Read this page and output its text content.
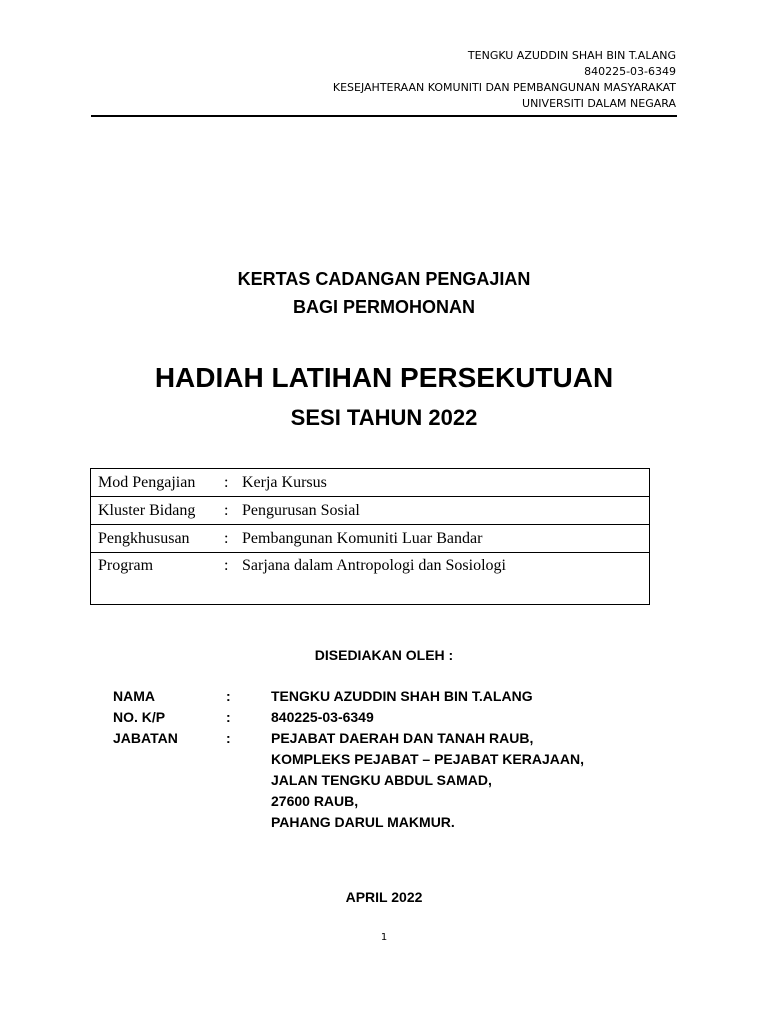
TENGKU AZUDDIN SHAH BIN T.ALANG
840225-03-6349
KESEJAHTERAAN KOMUNITI DAN PEMBANGUNAN MASYARAKAT
UNIVERSITI DALAM NEGARA
KERTAS CADANGAN PENGAJIAN
BAGI PERMOHONAN
HADIAH LATIHAN PERSEKUTUAN
SESI TAHUN 2022
Mod Pengajian	: Kerja Kursus
Kluster Bidang	: Pengurusan Sosial
Pengkhususan	: Pembangunan Komuniti Luar Bandar
Program	: Sarjana dalam Antropologi dan Sosiologi
DISEDIAKAN OLEH :
NAMA	:	TENGKU AZUDDIN SHAH BIN T.ALANG
NO. K/P	:	840225-03-6349
JABATAN	:	PEJABAT DAERAH DAN TANAH RAUB,
KOMPLEKS PEJABAT – PEJABAT KERAJAAN,
JALAN TENGKU ABDUL SAMAD,
27600 RAUB,
PAHANG DARUL MAKMUR.
APRIL 2022
1
